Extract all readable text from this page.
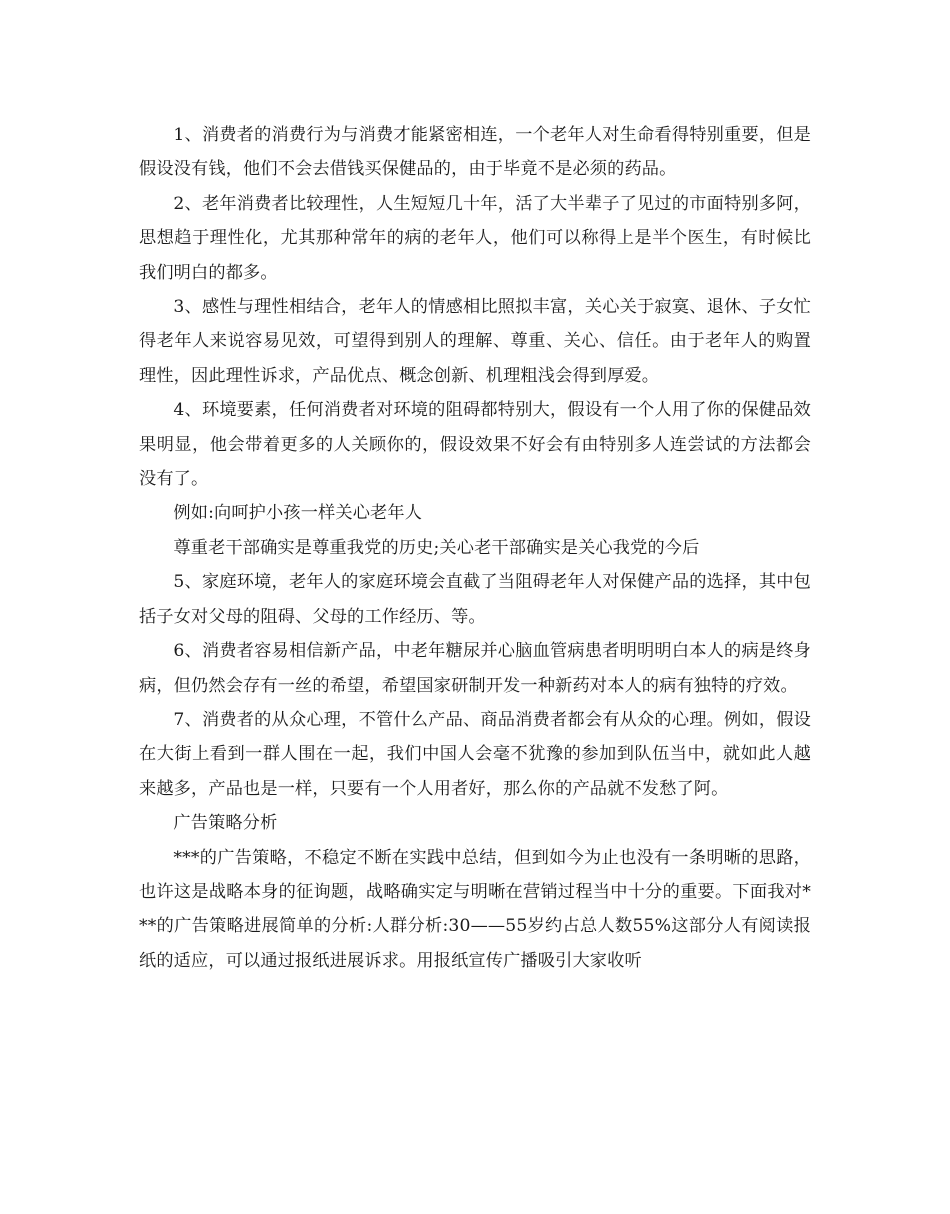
1、消费者的消费行为与消费才能紧密相连，一个老年人对生命看得特别重要，但是假设没有钱，他们不会去借钱买保健品的，由于毕竟不是必须的药品。

2、老年消费者比较理性，人生短短几十年，活了大半辈子了见过的市面特别多阿，思想趋于理性化，尤其那种常年的病的老年人，他们可以称得上是半个医生，有时候比我们明白的都多。

3、感性与理性相结合，老年人的情感相比照拟丰富，关心关于寂寞、退休、子女忙得老年人来说容易见效，可望得到别人的理解、尊重、关心、信任。由于老年人的购置理性，因此理性诉求，产品优点、概念创新、机理粗浅会得到厚爱。

4、环境要素，任何消费者对环境的阻碍都特别大，假设有一个人用了你的保健品效果明显，他会带着更多的人关顾你的，假设效果不好会有由特别多人连尝试的方法都会没有了。

例如:向呵护小孩一样关心老年人

尊重老干部确实是尊重我党的历史;关心老干部确实是关心我党的今后

5、家庭环境，老年人的家庭环境会直截了当阻碍老年人对保健产品的选择，其中包括子女对父母的阻碍、父母的工作经历、等。

6、消费者容易相信新产品，中老年糖尿并心脑血管病患者明明明白本人的病是终身病，但仍然会存有一丝的希望，希望国家研制开发一种新药对本人的病有独特的疗效。

7、消费者的从众心理，不管什么产品、商品消费者都会有从众的心理。例如，假设在大街上看到一群人围在一起，我们中国人会毫不犹豫的参加到队伍当中，就如此人越来越多，产品也是一样，只要有一个人用者好，那么你的产品就不发愁了阿。

广告策略分析

***的广告策略，不稳定不断在实践中总结，但到如今为止也没有一条明晰的思路，也许这是战略本身的征询题，战略确实定与明晰在营销过程当中十分的重要。下面我对***的广告策略进展简单的分析:人群分析:30——55岁约占总人数55%这部分人有阅读报纸的适应，可以通过报纸进展诉求。用报纸宣传广播吸引大家收听
